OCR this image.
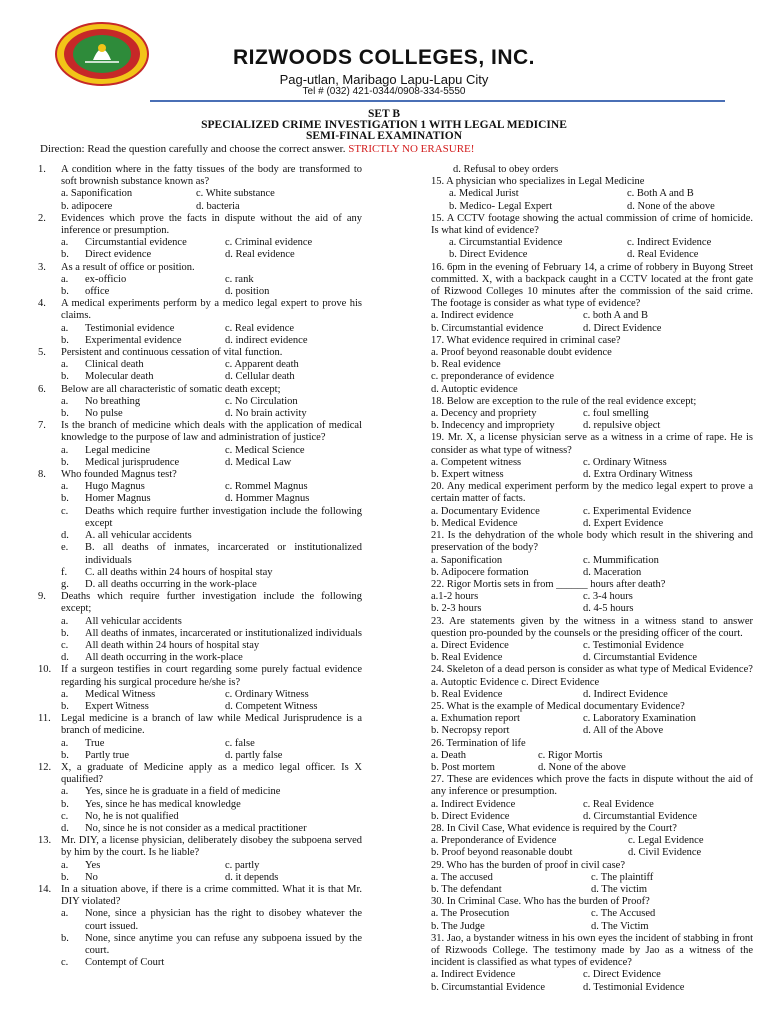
RIZWOODS COLLEGES, INC.
Pag-utlan, Maribago Lapu-Lapu City
Tel # (032) 421-0344/0908-334-5550
SET B
SPECIALIZED CRIME INVESTIGATION 1 WITH LEGAL MEDICINE
SEMI-FINAL EXAMINATION
Direction: Read the question carefully and choose the correct answer. STRICTLY NO ERASURE!
1.	A condition where in the fatty tissues of the body are transformed to soft brownish substance known as?
a. Saponification	c. White substance
b. adipocere	d. bacteria
2.	Evidences which prove the facts in dispute without the aid of any inference or presumption.
a.	Circumstantial evidence	c. Criminal evidence
b.	Direct evidence	d. Real evidence
3.	As a result of office or position.
a.	ex-officio	c. rank
b.	office	d. position
4.	A medical experiments perform by a medico legal expert to prove his claims.
a.	Testimonial evidence	c. Real evidence
b.	Experimental evidence	d. indirect evidence
5.	Persistent and continuous cessation of vital function.
a.	Clinical death	c. Apparent death
b.	Molecular death	d. Cellular death
6.	Below are all characteristic of somatic death except;
a.	No breathing	c. No Circulation
b.	No pulse	d. No brain activity
7.	Is the branch of medicine which deals with the application of medical knowledge to the purpose of law and administration of justice?
a.	Legal medicine	c. Medical Science
b.	Medical jurisprudence	d. Medical Law
8.	Who founded Magnus test?
a.	Hugo Magnus	c. Rommel Magnus
b.	Homer Magnus	d. Hommer Magnus
c.	Deaths which require further investigation include the following except
d.	A. all vehicular accidents
e.	B. all deaths of inmates, incarcerated or institutionalized individuals
f.	C. all deaths within 24 hours of hospital stay
g.	D. all deaths occurring in the work-place
9.	Deaths which require further investigation include the following except;
a.	All vehicular accidents
b.	All deaths of inmates, incarcerated or institutionalized individuals
c.	All death within 24 hours of hospital stay
d.	All death occurring in the work-place
10. If a surgeon testifies in court regarding some purely factual evidence regarding his surgical procedure he/she is?
a.	Medical Witness	c. Ordinary Witness
b.	Expert Witness	d. Competent Witness
11. Legal medicine is a branch of law while Medical Jurisprudence is a branch of medicine.
a.	True	c. false
b.	Partly true	d. partly false
12. X, a graduate of Medicine apply as a medico legal officer. Is X qualified?
a.	Yes, since he is graduate in a field of medicine
b.	Yes, since he has medical knowledge
c.	No, he is not qualified
d.	No, since he is not consider as a medical practitioner
13. Mr. DIY, a license physician, deliberately disobey the subpoena served by him by the court. Is he liable?
a.	Yes	c. partly
b.	No	d. it depends
14. In a situation above, if there is a crime committed. What it is that Mr. DIY violated?
a.	None, since a physician has the right to disobey whatever the court issued.
b.	None, since anytime you can refuse any subpoena issued by the court.
c.	Contempt of Court
d. Refusal to obey orders
15. A physician who specializes in Legal Medicine
a. Medical Jurist	c. Both A and B
b. Medico- Legal Expert	d. None of the above
15. A CCTV footage showing the actual commission of crime of homicide. Is what kind of evidence?
a. Circumstantial Evidence	c. Indirect Evidence
b. Direct Evidence	d. Real Evidence
16. 6pm in the evening of February 14, a crime of robbery in Buyong Street committed. X, with a backpack caught in a CCTV located at the front gate of Rizwood Colleges 10 minutes after the commission of the said crime. The footage is consider as what type of evidence?
a. Indirect evidence	c. both A and B
b. Circumstantial evidence	d. Direct Evidence
17. What evidence required in criminal case?
a. Proof beyond reasonable doubt evidence
b. Real evidence
c. preponderance of evidence
d. Autoptic evidence
18. Below are exception to the rule of the real evidence except;
a. Decency and propriety	c. foul smelling
b. Indecency and impropriety	d. repulsive object
19. Mr. X, a license physician serve as a witness in a crime of rape. He is consider as what type of witness?
a. Competent witness	c. Ordinary Witness
b. Expert witness	d. Extra Ordinary Witness
20. Any medical experiment perform by the medico legal expert to prove a certain matter of facts.
a. Documentary Evidence	c. Experimental Evidence
b. Medical Evidence	d. Expert Evidence
21. Is the dehydration of the whole body which result in the shivering and preservation of the body?
a. Saponification	c. Mummification
b. Adipocere formation	d. Maceration
22. Rigor Mortis sets in from ______ hours after death?
a.1-2 hours	c. 3-4 hours
b. 2-3 hours	d. 4-5 hours
23. Are statements given by the witness in a witness stand to answer question pro-pounded by the counsels or the presiding officer of the court.
a. Direct Evidence	c. Testimonial Evidence
b. Real Evidence	d. Circumstantial Evidence
24. Skeleton of a dead person is consider as what type of Medical Evidence?
a. Autoptic Evidence c. Direct Evidence
b. Real Evidence	d. Indirect Evidence
25. What is the example of Medical documentary Evidence?
a. Exhumation report	c. Laboratory Examination
b. Necropsy report	d. All of the Above
26. Termination of life
a. Death	c. Rigor Mortis
b. Post mortem	d. None of the above
27. These are evidences which prove the facts in dispute without the aid of any inference or presumption.
a. Indirect Evidence	c. Real Evidence
b. Direct Evidence	d. Circumstantial Evidence
28. In Civil Case, What evidence is required by the Court?
a. Preponderance of Evidence	c. Legal Evidence
b. Proof beyond reasonable doubt	d. Civil Evidence
29. Who has the burden of proof in civil case?
a. The accused	c. The plaintiff
b. The defendant	d. The victim
30. In Criminal Case. Who has the burden of Proof?
a. The Prosecution	c. The Accused
b. The Judge	d. The Victim
31. Jao, a bystander witness in his own eyes the incident of stabbing in front of Rizwoods College. The testimony made by Jao as a witness of the incident is classified as what types of evidence?
a. Indirect Evidence	c. Direct Evidence
b. Circumstantial Evidence	d. Testimonial Evidence
